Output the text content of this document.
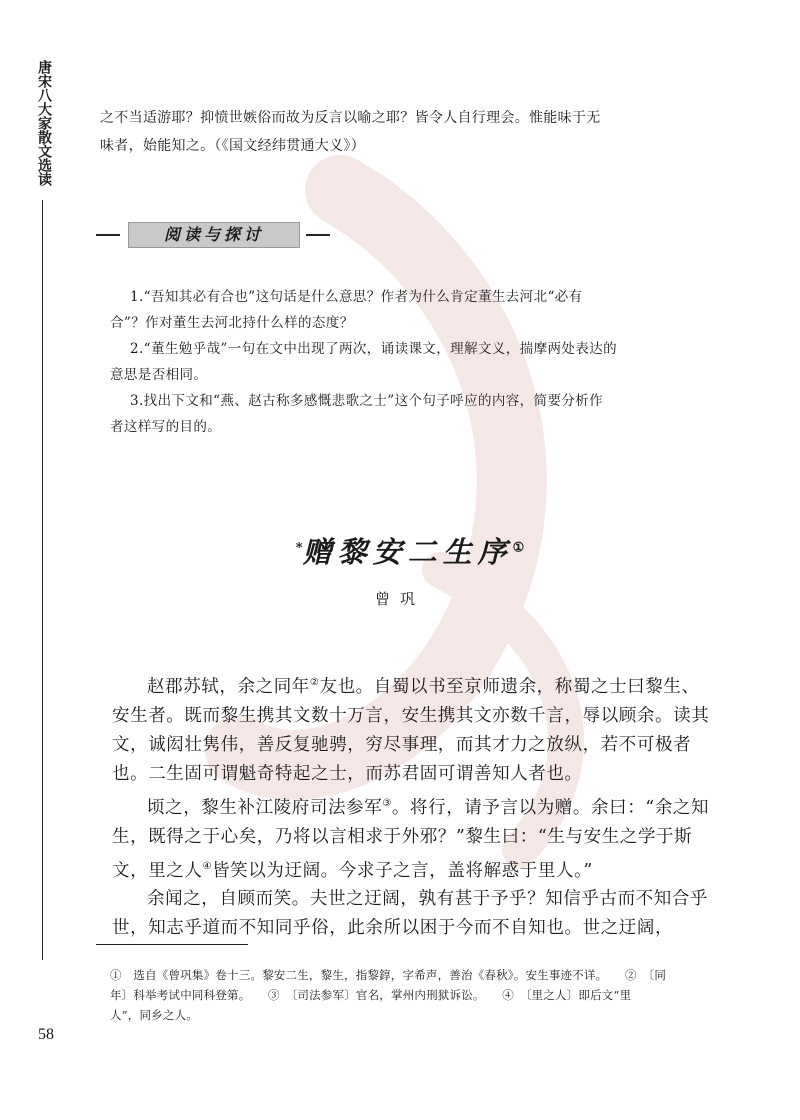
唐宋八大家散文选读
58

之不当适游耶？抑愤世嫉俗而故为反言以喻之耶？皆令人自行理会。惟能味于无

味者，始能知之。（《国文经纬贯通大义》）

阅读与探讨

1.“吾知其必有合也”这句话是什么意思？作者为什么肯定董生去河北“必有

合”？作对董生去河北持什么样的态度？

2.“董生勉乎哉”一句在文中出现了两次，诵读课文，理解文义，揣摩两处表达的

意思是否相同。

3.找出下文和“燕、赵古称多感慨悲歌之士”这个句子呼应的内容，简要分析作

者这样写的目的。

*赠黎安二生序①
曾巩

赵郡苏轼，余之同年②友也。自蜀以书至京师遗余，称蜀之士曰黎生、安生者。既而黎生携其文数十万言，安生携其文亦数千言，辱以顾余。读其文，诚闳壮隽伟，善反复驰骋，穷尽事理，而其才力之放纵，若不可极者也。二生固可谓魁奇特起之士，而苏君固可谓善知人者也。

顷之，黎生补江陵府司法参军③。将行，请予言以为赠。余曰：“余之知生，既得之于心矣，乃将以言相求于外邪？”黎生曰：“生与安生之学于斯文，里之人④皆笑以为迂阔。今求子之言，盖将解惑于里人。”

余闻之，自顾而笑。夫世之迂阔，孰有甚于予乎？知信乎古而不知合乎世，知志乎道而不知同乎俗，此余所以困于今而不自知也。世之迂阔，

①　选自《曾巩集》卷十三。黎安二生，黎生，指黎錞，字希声，善治《春秋》。安生事迹不详。　　②　〔同

年〕科举考试中同科登第。　　③　〔司法参军〕官名，掌州内刑狱诉讼。　　④　〔里之人〕即后文“里

人”，同乡之人。
